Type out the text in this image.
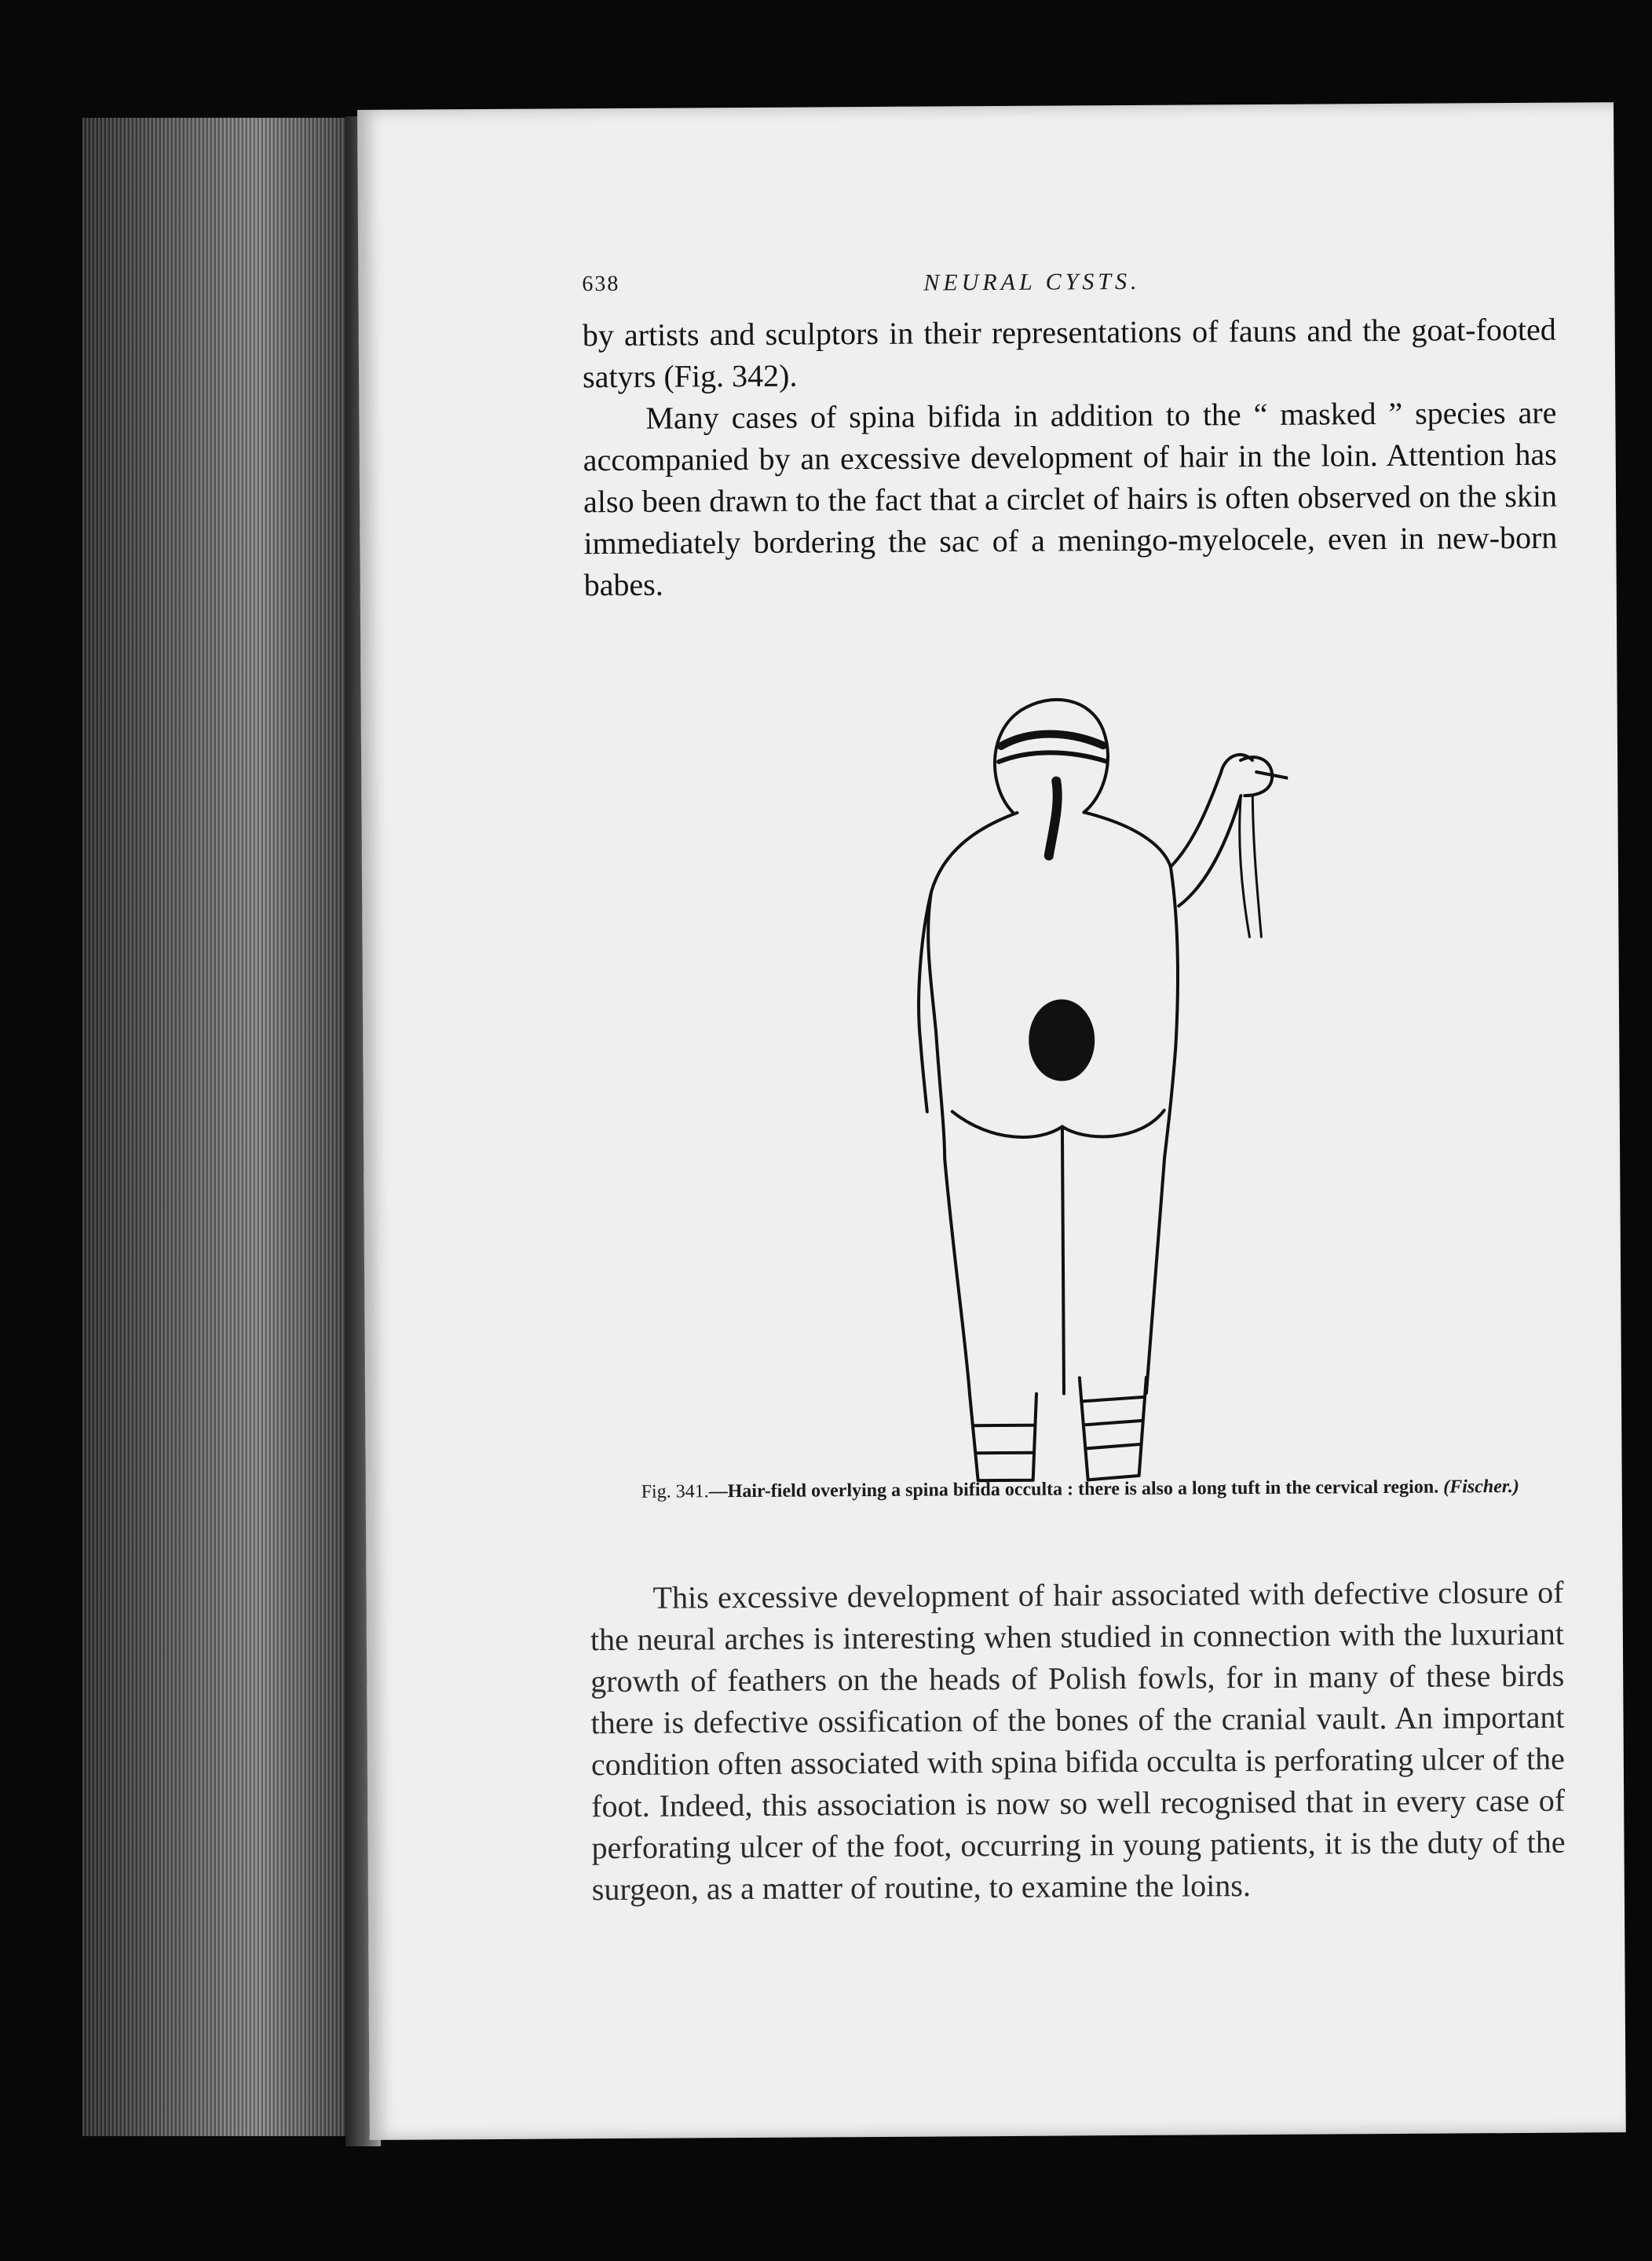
638	NEURAL CYSTS.

by artists and sculptors in their representations of fauns and the goat-footed satyrs (Fig. 342).

Many cases of spina bifida in addition to the “ masked ” species are accompanied by an excessive development of hair in the loin. Attention has also been drawn to the fact that a circlet of hairs is often observed on the skin immediately bordering the sac of a meningo-myelocele, even in new-born babes.

Fig. 341.—Hair-field overlying a spina bifida occulta : there is also a long tuft in the cervical region. (Fischer.)

This excessive development of hair associated with defective closure of the neural arches is interesting when studied in connection with the luxuriant growth of feathers on the heads of Polish fowls, for in many of these birds there is defective ossification of the bones of the cranial vault. An important condition often associated with spina bifida occulta is perforating ulcer of the foot. Indeed, this association is now so well recognised that in every case of perforating ulcer of the foot, occurring in young patients, it is the duty of the surgeon, as a matter of routine, to examine the loins.
